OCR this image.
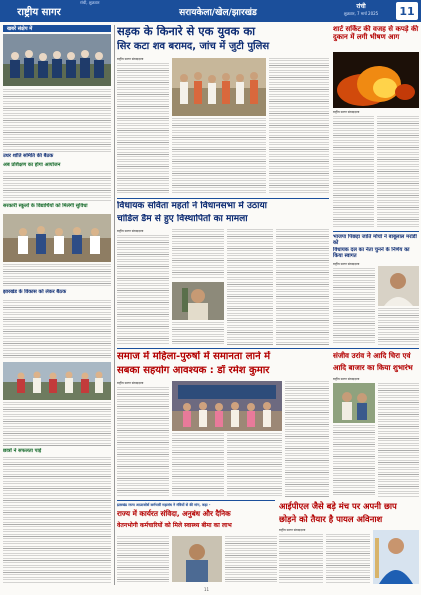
राष्ट्रीय सागर
रांची, शुक्रवार
सरायकेला/खेल/झारखंड
रांची
शुक्रवार, 7 मार्च 2025	11
खबरें संक्षेप में
उधर शांति समिति की बैठक
अब प्रशिक्षण का होगा आयोजन
सरकारी स्कूलों के विद्यार्थियों को मिलेगी सुविधा
झारखंड के विकास को लेकर बैठक
छात्रों ने सफलता पाई
सड़क के किनारे से एक युवक का
सिर कटा शव बरामद, जांच में जुटी पुलिस
राष्ट्रीय सागर संवाददाता
शार्ट सर्किट की वजह से कपड़े की दुकान में लगी भीषण आग
राष्ट्रीय सागर संवाददाता
विधायक सविता महतो ने विधानसभा में उठाया
चांडिल डैम से हुए विस्थापितों का मामला
राष्ट्रीय सागर संवाददाता
भाजपा पिछड़ा जाति मोर्चा ने बाबूलाल मरांडी को
विधायक दल का नेता चुनने के निर्णय का किया स्वागत
राष्ट्रीय सागर संवाददाता
समाज में महिला-पुरुषों में समानता लाने में
सबका सहयोग आवश्यक : डॉ रमेश कुमार
राष्ट्रीय सागर संवाददाता
संजीव उरांव ने आदि चिरा एवं
आदि बाजार का किया शुभारंभ
राष्ट्रीय सागर संवाददाता
झारखंड राज्य आउटसोर्स कर्मचारी महासंघ ने मंत्रियों से की मांग, कहा -
राज्य में कार्यरत संविदा, अनुबंध और दैनिक
वेतनभोगी कर्मचारियों को मिले स्वास्थ्य बीमा का लाभ
आईपीएल जैसे बड़े मंच पर अपनी छाप
छोड़ने को तैयार है पायल अविनाश
राष्ट्रीय सागर संवाददाता
11
